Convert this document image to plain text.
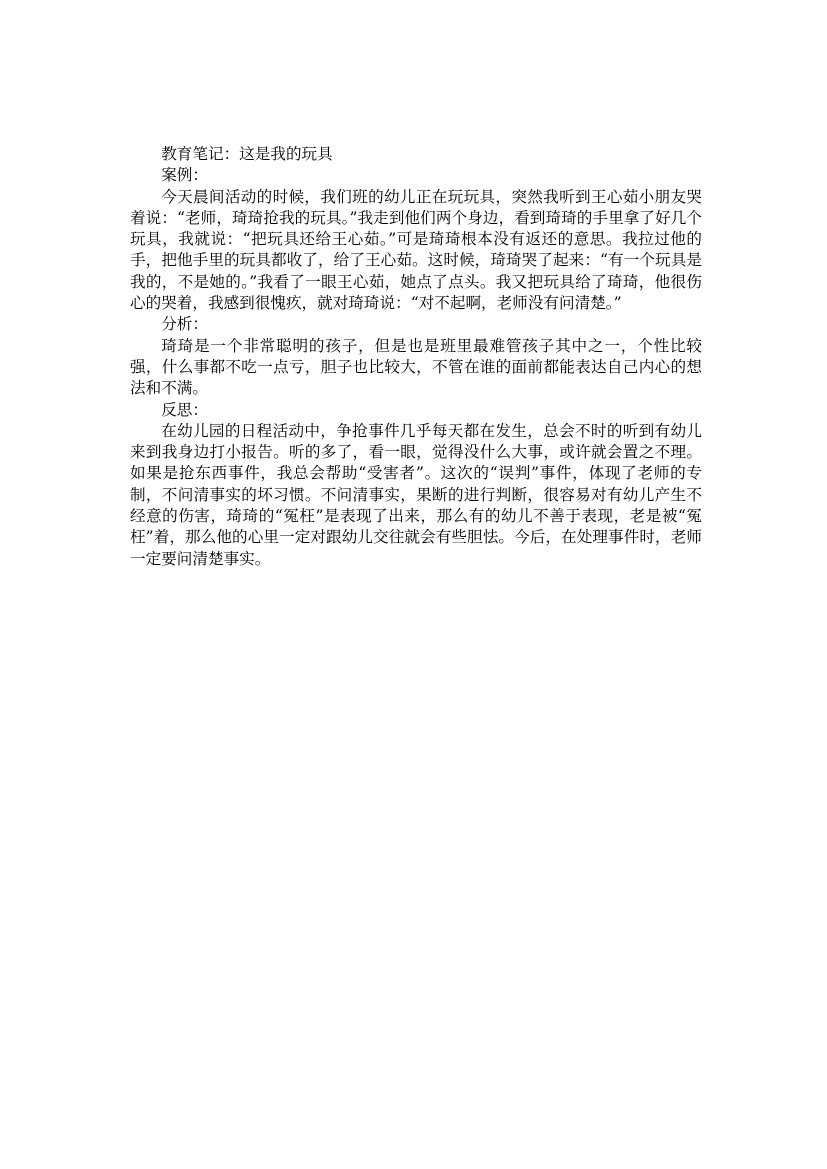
教育笔记：这是我的玩具

案例：

今天晨间活动的时候，我们班的幼儿正在玩玩具，突然我听到王心茹小朋友哭着说：“老师，琦琦抢我的玩具。”我走到他们两个身边，看到琦琦的手里拿了好几个玩具，我就说：“把玩具还给王心茹。”可是琦琦根本没有返还的意思。我拉过他的手，把他手里的玩具都收了，给了王心茹。这时候，琦琦哭了起来：“有一个玩具是我的，不是她的。”我看了一眼王心茹，她点了点头。我又把玩具给了琦琦，他很伤心的哭着，我感到很愧疚，就对琦琦说：“对不起啊，老师没有问清楚。”

分析：

琦琦是一个非常聪明的孩子，但是也是班里最难管孩子其中之一，个性比较强，什么事都不吃一点亏，胆子也比较大，不管在谁的面前都能表达自己内心的想法和不满。

反思：

在幼儿园的日程活动中，争抢事件几乎每天都在发生，总会不时的听到有幼儿来到我身边打小报告。听的多了，看一眼，觉得没什么大事，或许就会置之不理。如果是抢东西事件，我总会帮助“受害者”。这次的“误判”事件，体现了老师的专制，不问清事实的坏习惯。不问清事实，果断的进行判断，很容易对有幼儿产生不经意的伤害，琦琦的“冤枉”是表现了出来，那么有的幼儿不善于表现，老是被“冤枉”着，那么他的心里一定对跟幼儿交往就会有些胆怯。今后，在处理事件时，老师一定要问清楚事实。
